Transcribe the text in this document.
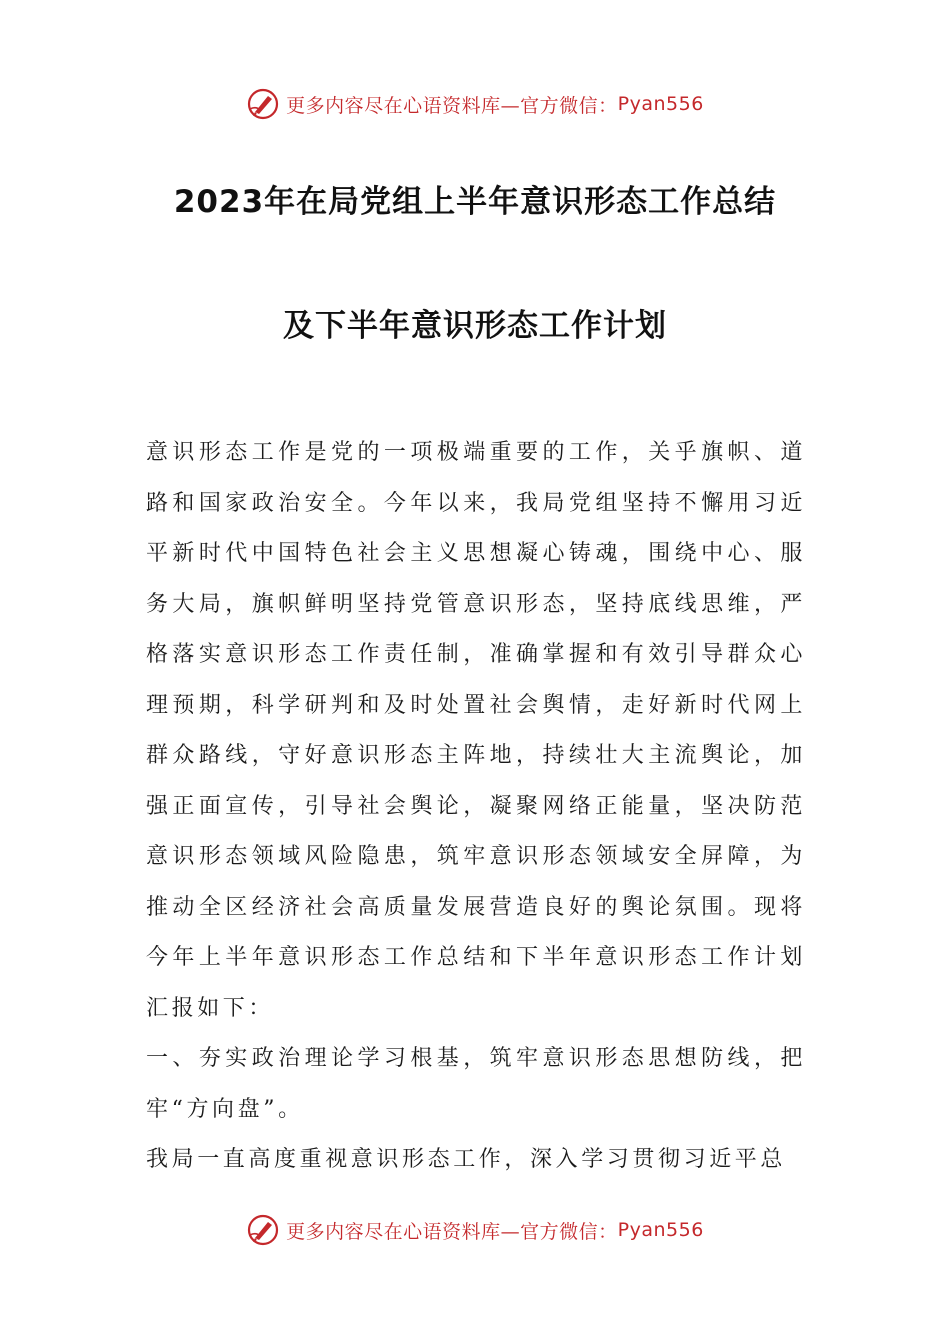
更多内容尽在心语资料库—官方微信： Pyan556
2023年在局党组上半年意识形态工作总结
及下半年意识形态工作计划

意识形态工作是党的一项极端重要的工作，关乎旗帜、道路和国家政治安全。今年以来，我局党组坚持不懈用习近平新时代中国特色社会主义思想凝心铸魂，围绕中心、服务大局，旗帜鲜明坚持党管意识形态，坚持底线思维，严格落实意识形态工作责任制，准确掌握和有效引导群众心理预期，科学研判和及时处置社会舆情，走好新时代网上群众路线，守好意识形态主阵地，持续壮大主流舆论，加强正面宣传，引导社会舆论，凝聚网络正能量，坚决防范意识形态领域风险隐患，筑牢意识形态领域安全屏障，为推动全区经济社会高质量发展营造良好的舆论氛围。现将今年上半年意识形态工作总结和下半年意识形态工作计划汇报如下：

一、夯实政治理论学习根基，筑牢意识形态思想防线，把牢“方向盘”。

我局一直高度重视意识形态工作，深入学习贯彻习近平总

更多内容尽在心语资料库—官方微信： Pyan556
